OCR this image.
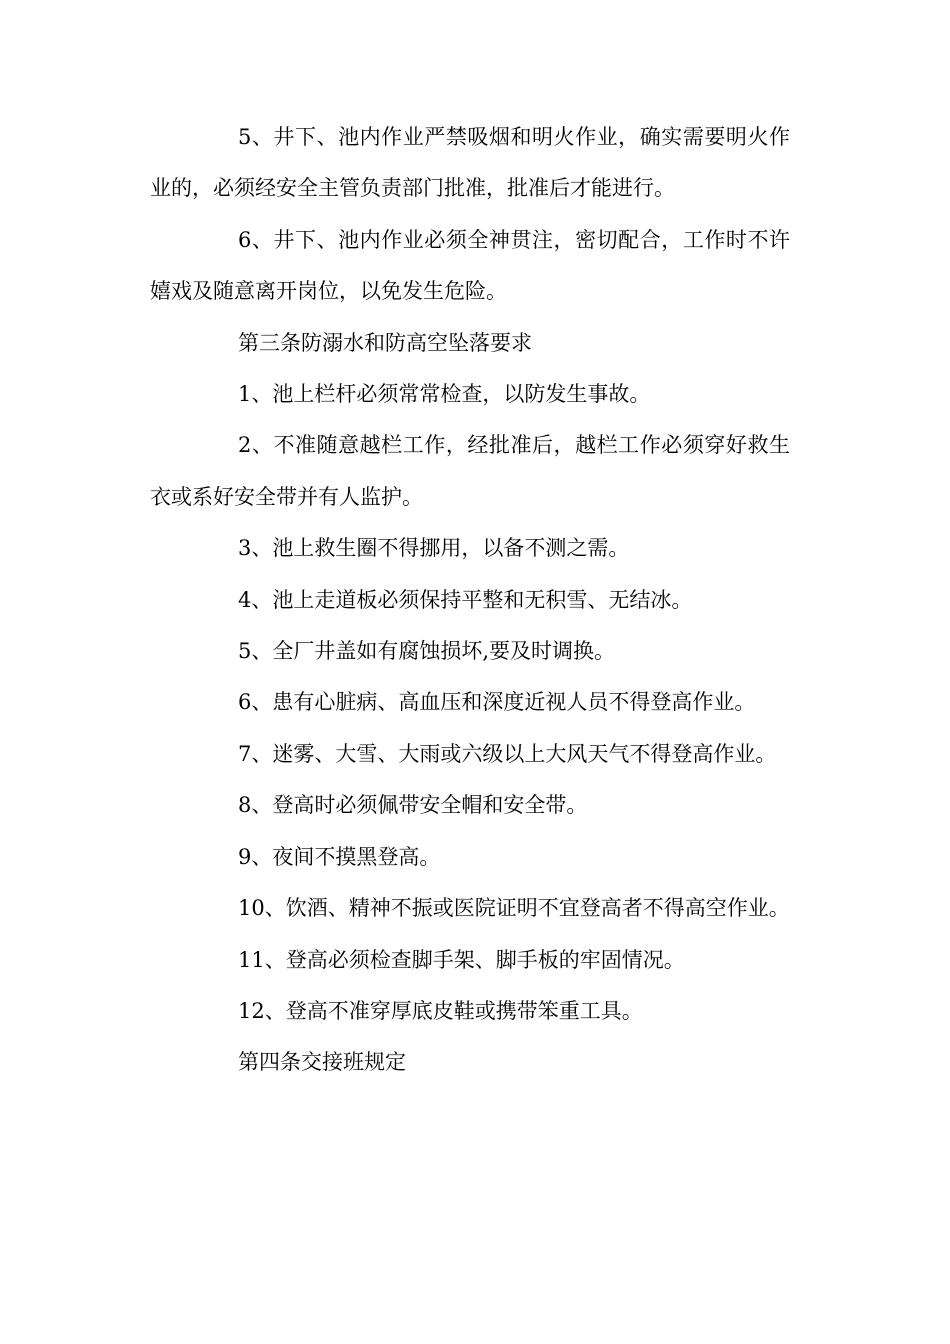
5、井下、池内作业严禁吸烟和明火作业，确实需要明火作业的，必须经安全主管负责部门批准，批准后才能进行。

6、井下、池内作业必须全神贯注，密切配合，工作时不许嬉戏及随意离开岗位，以免发生危险。

第三条防溺水和防高空坠落要求

1、池上栏杆必须常常检查，以防发生事故。

2、不准随意越栏工作，经批准后，越栏工作必须穿好救生衣或系好安全带并有人监护。

3、池上救生圈不得挪用，以备不测之需。

4、池上走道板必须保持平整和无积雪、无结冰。

5、全厂井盖如有腐蚀损坏,要及时调换。

6、患有心脏病、高血压和深度近视人员不得登高作业。

7、迷雾、大雪、大雨或六级以上大风天气不得登高作业。

8、登高时必须佩带安全帽和安全带。

9、夜间不摸黑登高。

10、饮酒、精神不振或医院证明不宜登高者不得高空作业。

11、登高必须检查脚手架、脚手板的牢固情况。

12、登高不准穿厚底皮鞋或携带笨重工具。

第四条交接班规定
